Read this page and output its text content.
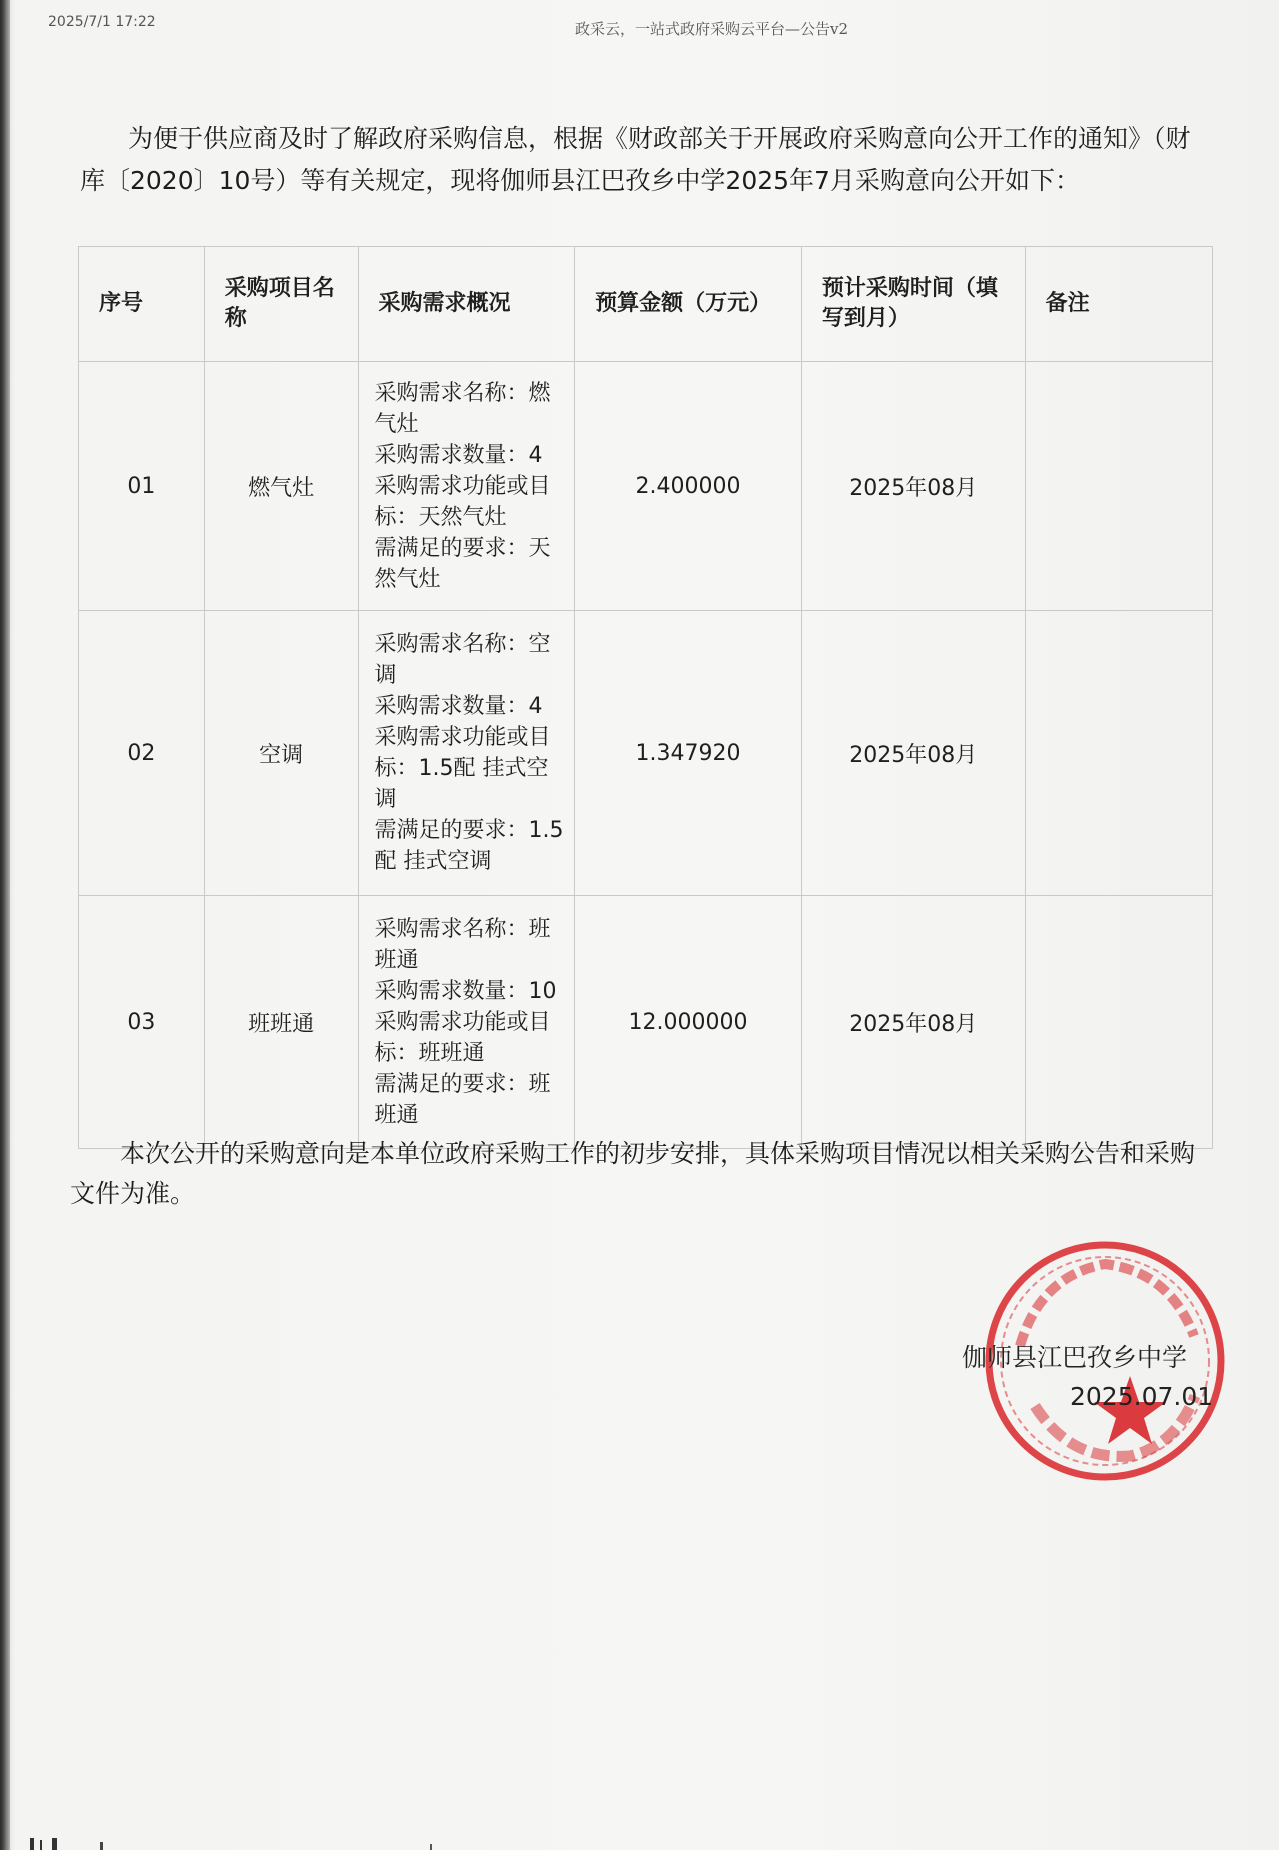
2025/7/1 17:22	政采云，一站式政府采购云平台—公告v2

为便于供应商及时了解政府采购信息，根据《财政部关于开展政府采购意向公开工作的通知》（财库〔2020〕10号）等有关规定，现将伽师县江巴孜乡中学2025年7月采购意向公开如下：

序号	采购项目名称	采购需求概况	预算金额（万元）	预计采购时间（填写到月）	备注
01	燃气灶	采购需求名称：燃气灶
采购需求数量：4
采购需求功能或目标：天然气灶
需满足的要求：天然气灶	2.400000	2025年08月	
02	空调	采购需求名称：空调
采购需求数量：4
采购需求功能或目标：1.5配 挂式空调
需满足的要求：1.5配 挂式空调	1.347920	2025年08月	
03	班班通	采购需求名称：班班通
采购需求数量：10
采购需求功能或目标：班班通
需满足的要求：班班通	12.000000	2025年08月	

本次公开的采购意向是本单位政府采购工作的初步安排，具体采购项目情况以相关采购公告和采购文件为准。

伽师县江巴孜乡中学
2025.07.01
